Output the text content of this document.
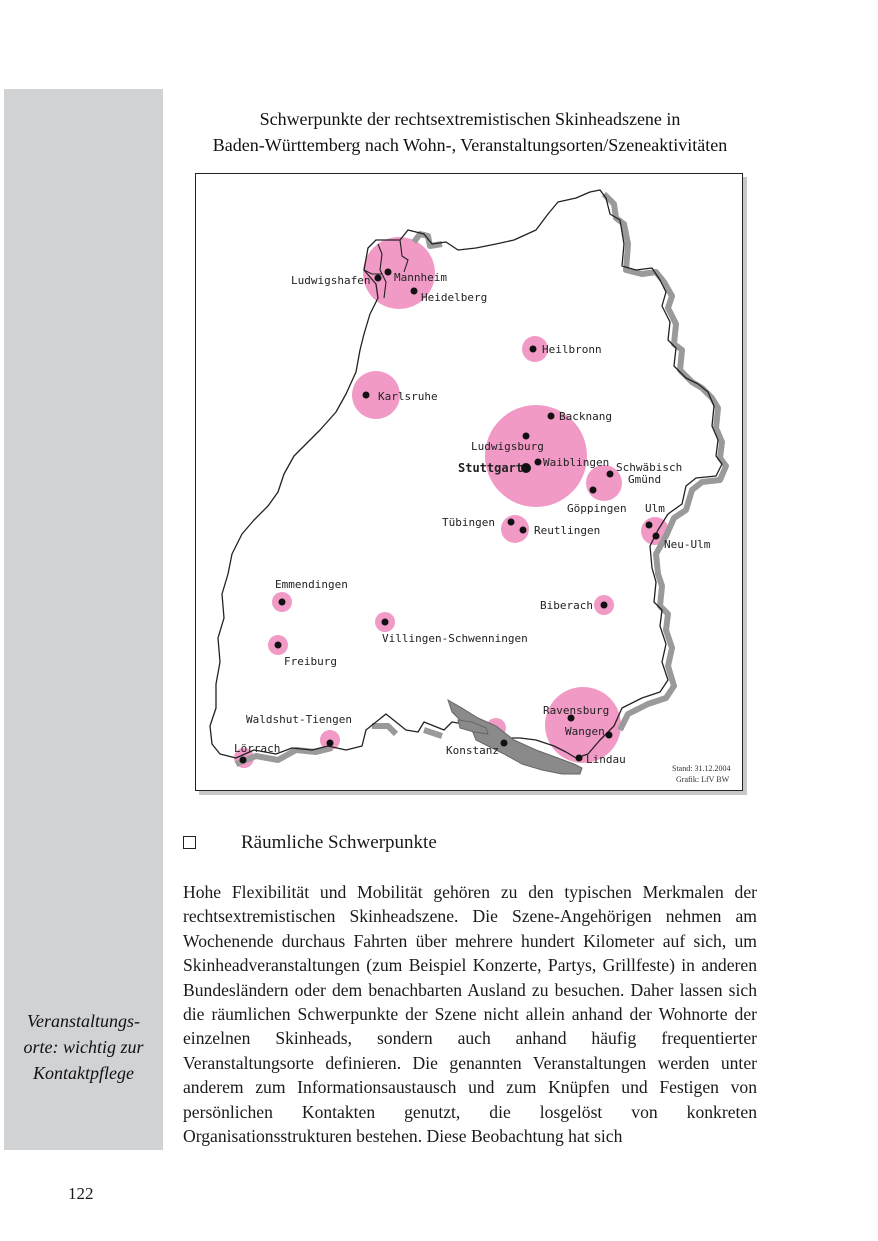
Veranstaltungs-
orte: wichtig zur
Kontaktpflege
Schwerpunkte der rechtsextremistischen Skinheadszene in
Baden-Württemberg nach Wohn-, Veranstaltungsorten/Szeneaktivitäten
Ludwigshafen Mannheim
Heidelberg
Heilbronn
Karlsruhe
Backnang
Ludwigsburg
Stuttgart Waiblingen Schwäbisch
Gmünd
Göppingen Ulm
Neu-Ulm
Tübingen
Reutlingen
Emmendingen
Biberach
Villingen-Schwenningen
Freiburg
Ravensburg
Waldshut-Tiengen
Wangen
Lörrach	Konstanz
Lindau
Stand: 31.12.2004
Grafik: LfV BW
Räumliche Schwerpunkte
Hohe Flexibilität und Mobilität gehören zu den typischen Merkmalen der rechtsextremistischen Skinheadszene. Die Szene-Angehörigen nehmen am Wochenende durchaus Fahrten über mehrere hundert Kilometer auf sich, um Skinheadveranstaltungen (zum Beispiel Konzerte, Partys, Grillfeste) in anderen Bundesländern oder dem benachbarten Ausland zu besuchen. Daher lassen sich die räumlichen Schwerpunkte der Szene nicht allein anhand der Wohnorte der einzelnen Skinheads, sondern auch anhand häufig frequentierter Veranstaltungsorte definieren. Die genannten Veranstaltungen werden unter anderem zum Informationsaustausch und zum Knüpfen und Festigen von persönlichen Kontakten genutzt, die losgelöst von konkreten Organisationsstrukturen bestehen. Diese Beobachtung hat sich
122
